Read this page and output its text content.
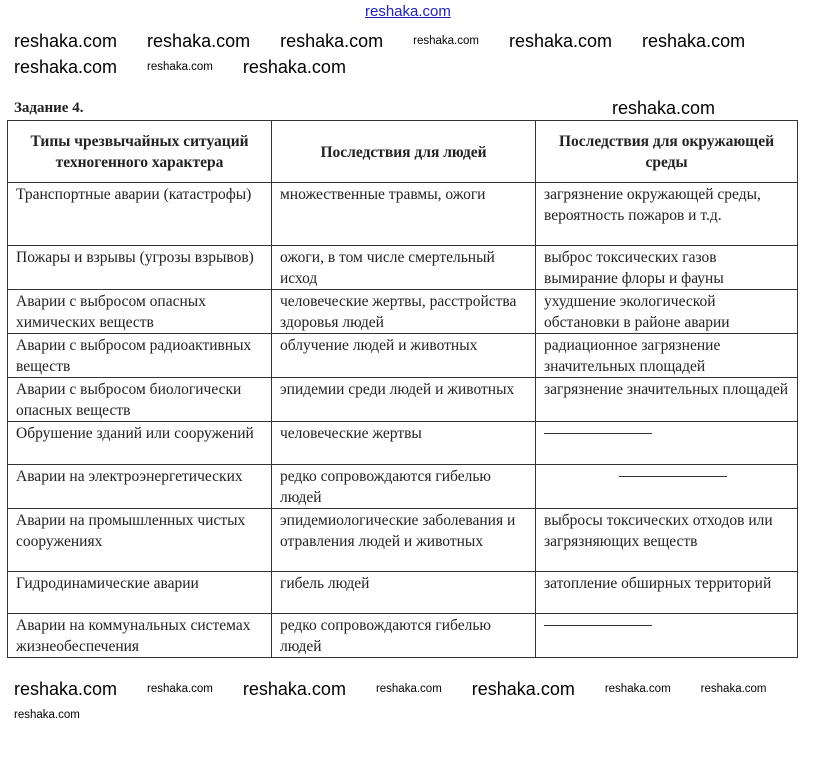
reshaka.com
Задание 4.	reshaka.com
reshaka.com reshaka.com reshaka.com	reshaka.com reshaka.com reshaka.com
reshaka.com	reshaka.com reshaka.com
Типы чрезвычайных ситуаций техногенного характера	Последствия для людей	Последствия для окружающей среды
Транспортные аварии (катастрофы)	множественные травмы, ожоги	загрязнение окружающей среды, вероятность пожаров и т.д.
Пожары и взрывы (угрозы взрывов)	ожоги, в том числе смертельный исход	выброс токсических газов вымирание флоры и фауны
Аварии с выбросом опасных химических веществ	человеческие жертвы, расстройства здоровья людей	ухудшение экологической обстановки в районе аварии
Аварии с выбросом радиоактивных веществ	облучение людей и животных	радиационное загрязнение значительных площадей
Аварии с выбросом биологически опасных веществ	эпидемии среди людей и животных	загрязнение значительных площадей
Обрушение зданий или сооружений	человеческие жертвы	
Аварии на электроэнергетических	редко сопровождаются гибелью людей	
Аварии на промышленных чистых сооружениях	эпидемиологические заболевания и отравления людей и животных	выбросы токсических отходов или загрязняющих веществ
Гидродинамические аварии	гибель людей	затопление обширных территорий
Аварии на коммунальных системах жизнеобеспечения	редко сопровождаются гибелью людей	
reshaka.com	reshaka.com reshaka.com	reshaka.com reshaka.com	reshaka.com	reshaka.com
reshaka.com
